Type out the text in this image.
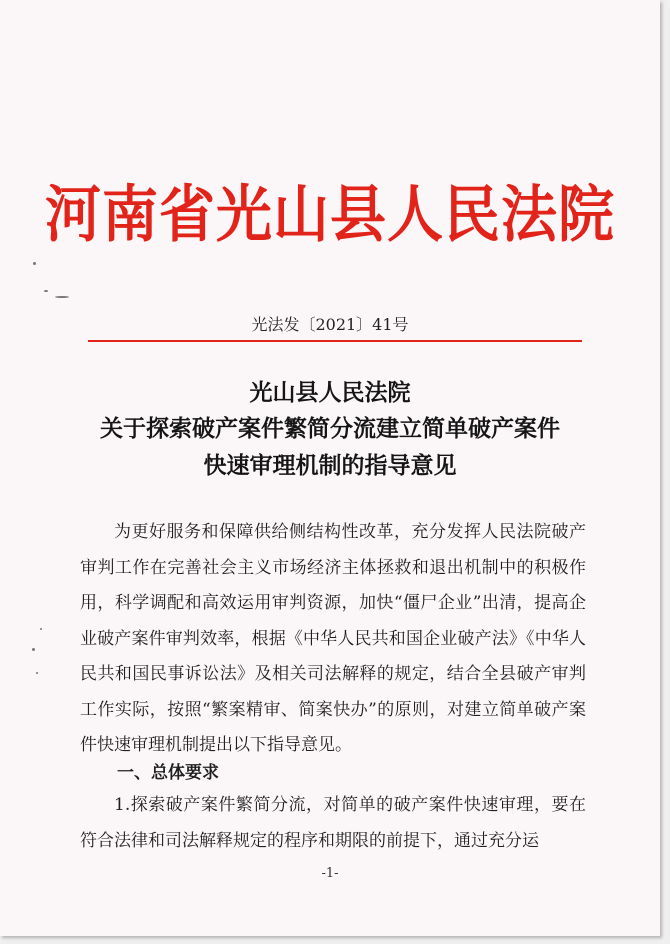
河南省光山县人民法院
光法发〔2021〕41号
光山县人民法院
关于探索破产案件繁简分流建立简单破产案件
快速审理机制的指导意见

为更好服务和保障供给侧结构性改革，充分发挥人民法院破产审判工作在完善社会主义市场经济主体拯救和退出机制中的积极作用，科学调配和高效运用审判资源，加快“僵尸企业”出清，提高企业破产案件审判效率，根据《中华人民共和国企业破产法》《中华人民共和国民事诉讼法》及相关司法解释的规定，结合全县破产审判工作实际，按照“繁案精审、简案快办”的原则，对建立简单破产案件快速审理机制提出以下指导意见。

一、总体要求

1.探索破产案件繁简分流，对简单的破产案件快速审理，要在符合法律和司法解释规定的程序和期限的前提下，通过充分运

-1-
